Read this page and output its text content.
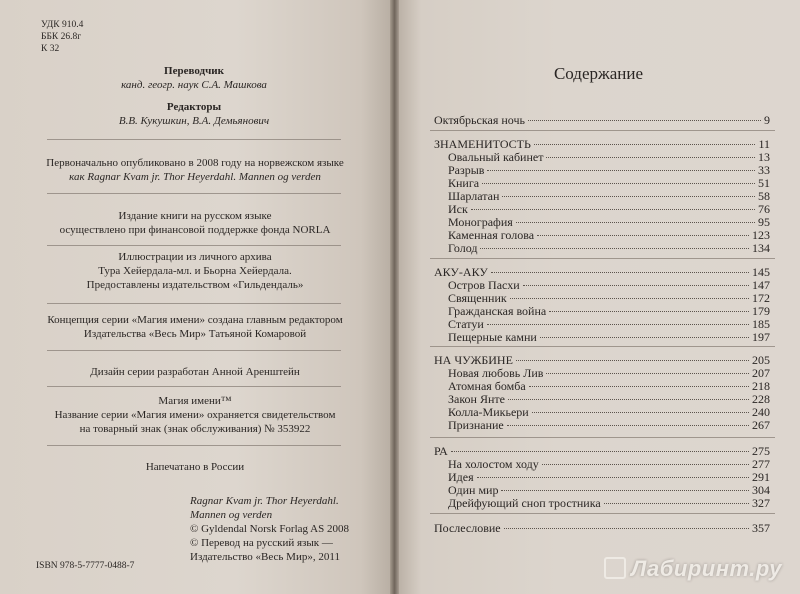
УДК 910.4
ББК 26.8г
К 32
Переводчик
канд. геогр. наук С.А. Машкова
Редакторы
В.В. Кукушкин, В.А. Демьянович
Первоначально опубликовано в 2008 году на норвежском языке
как Ragnar Kvam jr. Thor Heyerdahl. Mannen og verden
Издание книги на русском языке
осуществлено при финансовой поддержке фонда NORLA
Иллюстрации из личного архива
Тура Хейердала-мл. и Бьорна Хейердала.
Предоставлены издательством «Гильдендаль»
Концепция серии «Магия имени» создана главным редактором
Издательства «Весь Мир» Татьяной Комаровой
Дизайн серии разработан Анной Аренштейн
Магия имени™
Название серии «Магия имени» охраняется свидетельством
на товарный знак (знак обслуживания) № 353922
Напечатано в России
ISBN 978-5-7777-0488-7
Ragnar Kvam jr. Thor Heyerdahl.
Mannen og verden
© Gyldendal Norsk Forlag AS 2008
© Перевод на русский язык —
Издательство «Весь Мир», 2011
Содержание
Октябрьская ночь	9
ЗНАМЕНИТОСТЬ	11
Овальный кабинет	13
Разрыв	33
Книга	51
Шарлатан	58
Иск	76
Монография	95
Каменная голова	123
Голод	134
АКУ-АКУ	145
Остров Пасхи	147
Священник	172
Гражданская война	179
Статуи	185
Пещерные камни	197
НА ЧУЖБИНЕ	205
Новая любовь Лив	207
Атомная бомба	218
Закон Янте	228
Колла-Микьери	240
Признание	267
РА	275
На холостом ходу	277
Идея	291
Один мир	304
Дрейфующий сноп тростника	327
Послесловие	357
Лабиринт.ру
